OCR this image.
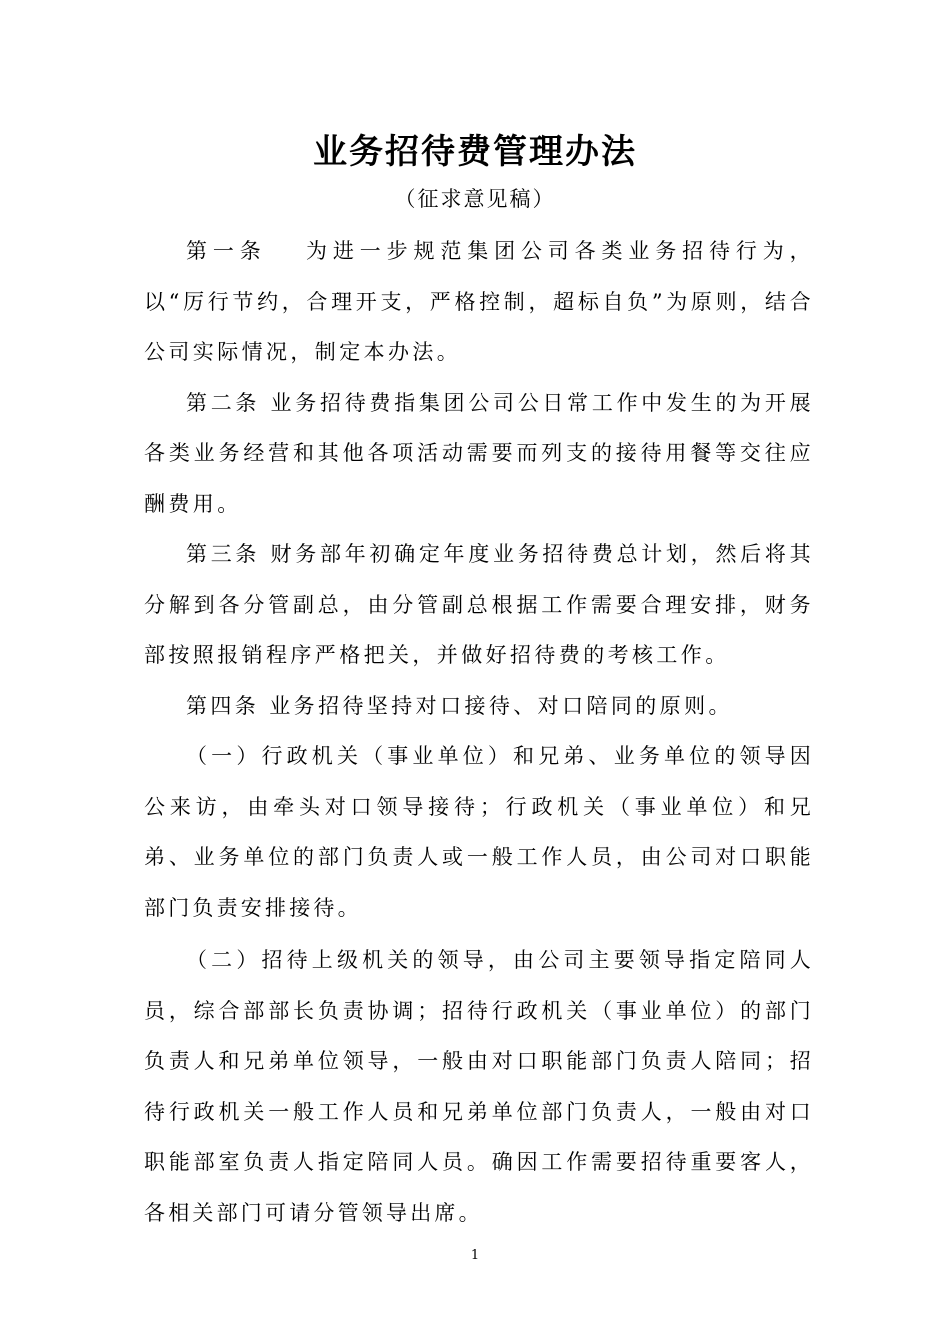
业务招待费管理办法
（征求意见稿）

第一条　 为进一步规范集团公司各类业务招待行为，以“厉行节约，合理开支，严格控制，超标自负”为原则，结合公司实际情况，制定本办法。

第二条 业务招待费指集团公司公日常工作中发生的为开展各类业务经营和其他各项活动需要而列支的接待用餐等交往应酬费用。

第三条 财务部年初确定年度业务招待费总计划，然后将其分解到各分管副总，由分管副总根据工作需要合理安排，财务部按照报销程序严格把关，并做好招待费的考核工作。

第四条 业务招待坚持对口接待、对口陪同的原则。

（一）行政机关（事业单位）和兄弟、业务单位的领导因公来访，由牵头对口领导接待；行政机关（事业单位）和兄弟、业务单位的部门负责人或一般工作人员，由公司对口职能部门负责安排接待。

（二）招待上级机关的领导，由公司主要领导指定陪同人员，综合部部长负责协调；招待行政机关（事业单位）的部门负责人和兄弟单位领导，一般由对口职能部门负责人陪同；招待行政机关一般工作人员和兄弟单位部门负责人，一般由对口职能部室负责人指定陪同人员。确因工作需要招待重要客人，各相关部门可请分管领导出席。

1
